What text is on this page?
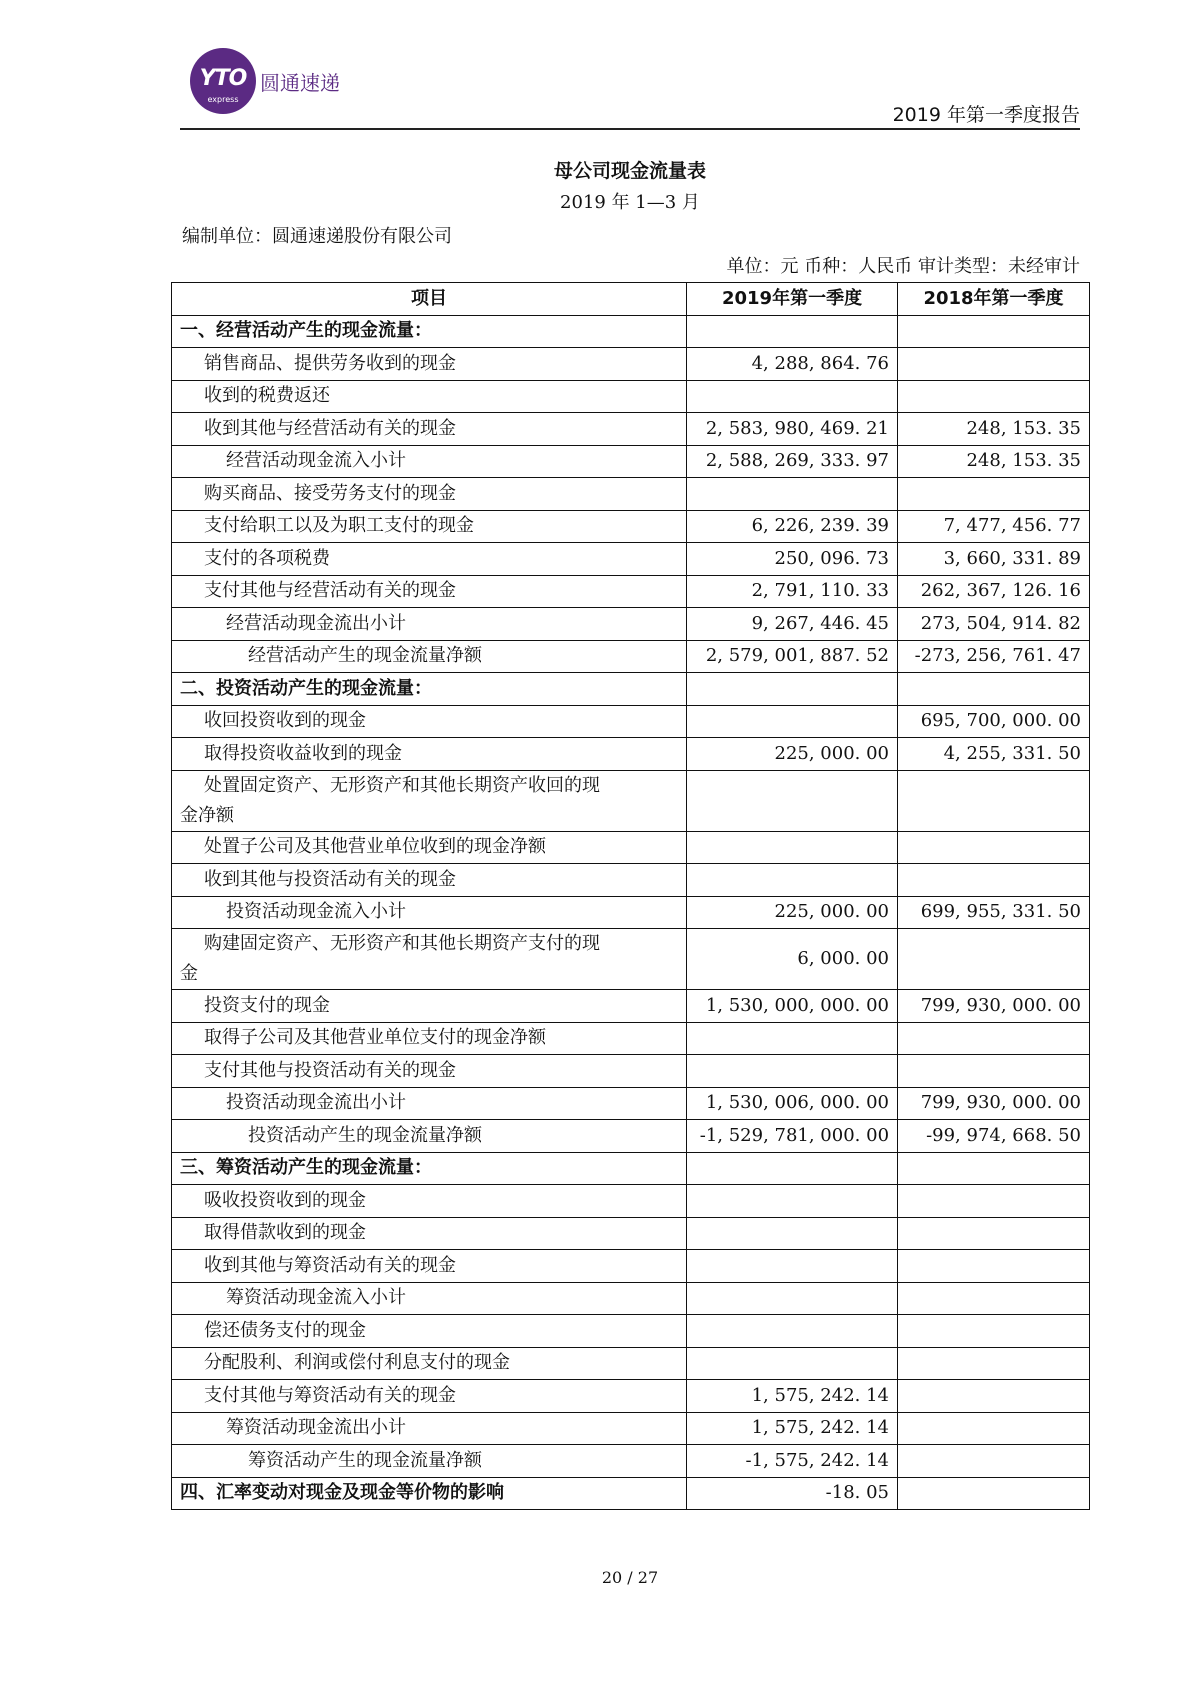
YTO
express
圆通速递
2019 年第一季度报告
母公司现金流量表
2019 年 1—3 月
编制单位：圆通速递股份有限公司
单位：元 币种：人民币 审计类型：未经审计
项目	2019年第一季度	2018年第一季度
一、经营活动产生的现金流量：		
销售商品、提供劳务收到的现金	4, 288, 864. 76	
收到的税费返还		
收到其他与经营活动有关的现金	2, 583, 980, 469. 21	248, 153. 35
经营活动现金流入小计	2, 588, 269, 333. 97	248, 153. 35
购买商品、接受劳务支付的现金		
支付给职工以及为职工支付的现金	6, 226, 239. 39	7, 477, 456. 77
支付的各项税费	250, 096. 73	3, 660, 331. 89
支付其他与经营活动有关的现金	2, 791, 110. 33	262, 367, 126. 16
经营活动现金流出小计	9, 267, 446. 45	273, 504, 914. 82
经营活动产生的现金流量净额	2, 579, 001, 887. 52	-273, 256, 761. 47
二、投资活动产生的现金流量：		
收回投资收到的现金		695, 700, 000. 00
取得投资收益收到的现金	225, 000. 00	4, 255, 331. 50

处置固定资产、无形资产和其他长期资产收回的现
金净额		

处置子公司及其他营业单位收到的现金净额		
收到其他与投资活动有关的现金		
投资活动现金流入小计	225, 000. 00	699, 955, 331. 50

购建固定资产、无形资产和其他长期资产支付的现
金	6, 000. 00	
投资支付的现金	1, 530, 000, 000. 00	799, 930, 000. 00
取得子公司及其他营业单位支付的现金净额		
支付其他与投资活动有关的现金		
投资活动现金流出小计	1, 530, 006, 000. 00	799, 930, 000. 00
投资活动产生的现金流量净额	-1, 529, 781, 000. 00	-99, 974, 668. 50
三、筹资活动产生的现金流量：		
吸收投资收到的现金		
取得借款收到的现金		
收到其他与筹资活动有关的现金		
筹资活动现金流入小计		
偿还债务支付的现金		
分配股利、利润或偿付利息支付的现金		
支付其他与筹资活动有关的现金	1, 575, 242. 14	
筹资活动现金流出小计	1, 575, 242. 14	
筹资活动产生的现金流量净额	-1, 575, 242. 14	
四、汇率变动对现金及现金等价物的影响	-18. 05	
20 / 27
